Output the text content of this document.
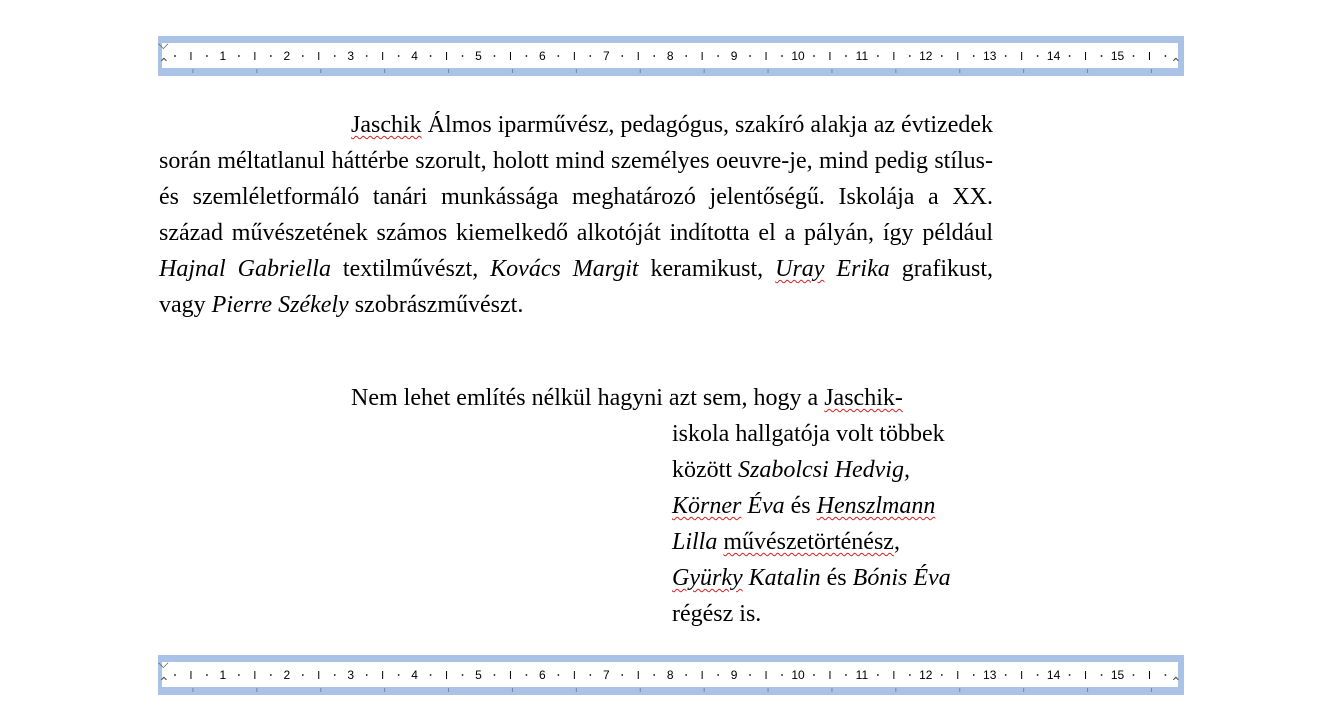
1	2	3	4	5	6	7	8	9	10	11	12	13	14	15
⌵
⌃	⌃
Jaschik Álmos iparművész, pedagógus, szakíró alakja az évtizedek során méltatlanul háttérbe szorult, holott mind személyes oeuvre-je, mind pedig stílus- és szemléletformáló tanári munkássága meghatározó jelentőségű. Iskolája a XX. század művészetének számos kiemelkedő alkotóját indította el a pályán, így például Hajnal Gabriella textilművészt, Kovács Margit keramikust, Uray Erika grafikust, vagy Pierre Székely szobrászművészt.
Nem lehet említés nélkül hagyni azt sem, hogy a Jaschik-
iskola hallgatója volt többek
között Szabolcsi Hedvig,
Körner Éva és Henszlmann
Lilla művészetörténész,
Gyürky Katalin és Bónis Éva
régész is.
1	2	3	4	5	6	7	8	9	10	11	12	13	14	15
⌵
⌃	⌃
